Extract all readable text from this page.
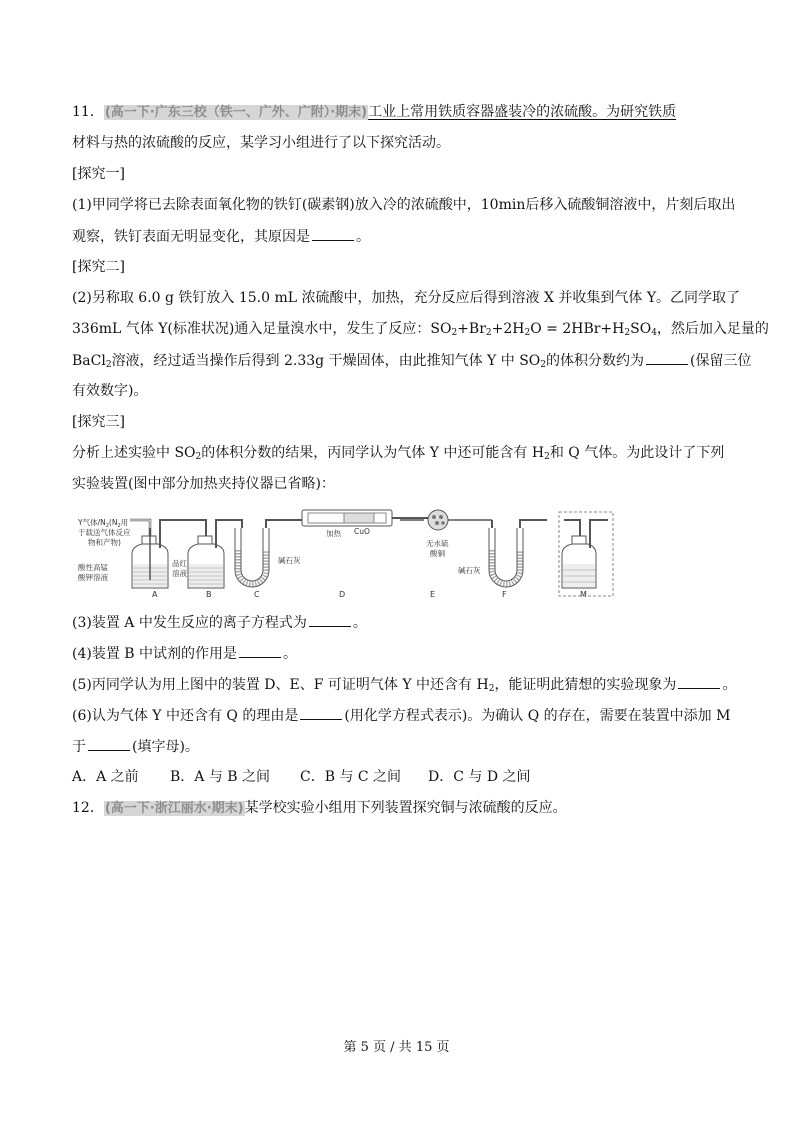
11．(高一下·广东三校（铁一、广外、广附）·期末)工业上常用铁质容器盛装冷的浓硫酸。为研究铁质
材料与热的浓硫酸的反应，某学习小组进行了以下探究活动。
[探究一]
(1)甲同学将已去除表面氧化物的铁钉(碳素钢)放入冷的浓硫酸中，10min后移入硫酸铜溶液中，片刻后取出
观察，铁钉表面无明显变化，其原因是	。
[探究二]
(2)另称取 6.0 g 铁钉放入 15.0 mL 浓硫酸中，加热，充分反应后得到溶液 X 并收集到气体 Y。乙同学取了
336mL 气体 Y(标准状况)通入足量溴水中，发生了反应：$SO_2+Br_2+2H_2O = 2HBr+H_2SO_4$，然后加入足量的
BaCl$_2$溶液，经过适当操作后得到 2.33g 干燥固体，由此推知气体 Y 中 $SO_2$的体积分数约为	(保留三位
有效数字)。
[探究三]
分析上述实验中 $SO_2$的体积分数的结果，丙同学认为气体 Y 中还可能含有 $H_2$和 Q 气体。为此设计了下列
实验装置(图中部分加热夹持仪器已省略)：
Y气体$/N_2(N_2$用
于载送气体反应
物和产物)
酸性高锰
酸钾溶液
品红
溶液
碱石灰
加热 CuO
无水硫
酸铜
碱石灰
A	B	C	D	E	F	M
(3)装置 A 中发生反应的离子方程式为	。
(4)装置 B 中试剂的作用是	。
(5)丙同学认为用上图中的装置 D、E、F 可证明气体 Y 中还含有 $H_2$，能证明此猜想的实验现象为	。
(6)认为气体 Y 中还含有 Q 的理由是	(用化学方程式表示)。为确认 Q 的存在，需要在装置中添加 M
于	(填字母)。
A．A 之前 B．A 与 B 之间 C．B 与 C 之间 D．C 与 D 之间
12．(高一下·浙江丽水·期末)某学校实验小组用下列装置探究铜与浓硫酸的反应。
第 5 页 / 共 15 页
